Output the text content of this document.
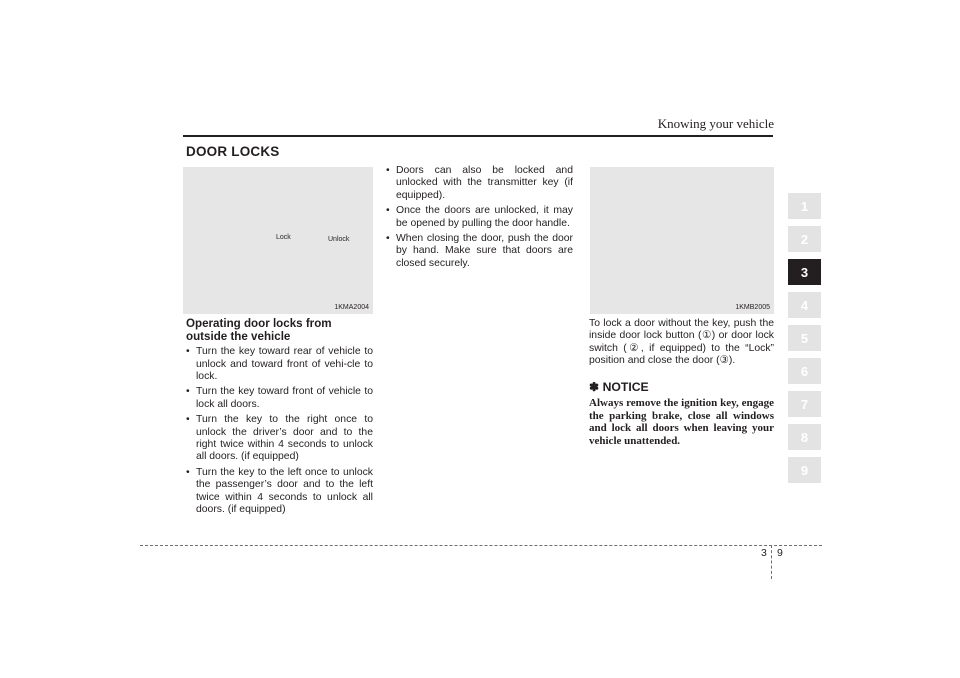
Knowing your vehicle
DOOR LOCKS
Lock	Unlock
1KMA2004	1KMB2005
Operating door locks from outside the vehicle
• Turn the key toward rear of vehicle to unlock and toward front of vehi-cle to lock.
• Turn the key toward front of vehicle to lock all doors.
• Turn the key to the right once to unlock the driver’s door and to the right twice within 4 seconds to unlock all doors. (if equipped)
• Turn the key to the left once to unlock the passenger’s door and to the left twice within 4 seconds to unlock all doors. (if equipped)
• Doors can also be locked and unlocked with the transmitter key (if equipped).
• Once the doors are unlocked, it may be opened by pulling the door handle.
• When closing the door, push the door by hand. Make sure that doors are closed securely.

To lock a door without the key, push the inside door lock button (①) or door lock switch (②, if equipped) to the “Lock” position and close the door (③).

✽ NOTICE
Always remove the ignition key, engage the parking brake, close all windows and lock all doors when leaving your vehicle unattended.
1
2
3
4
5
6
7
8
9
3 9
